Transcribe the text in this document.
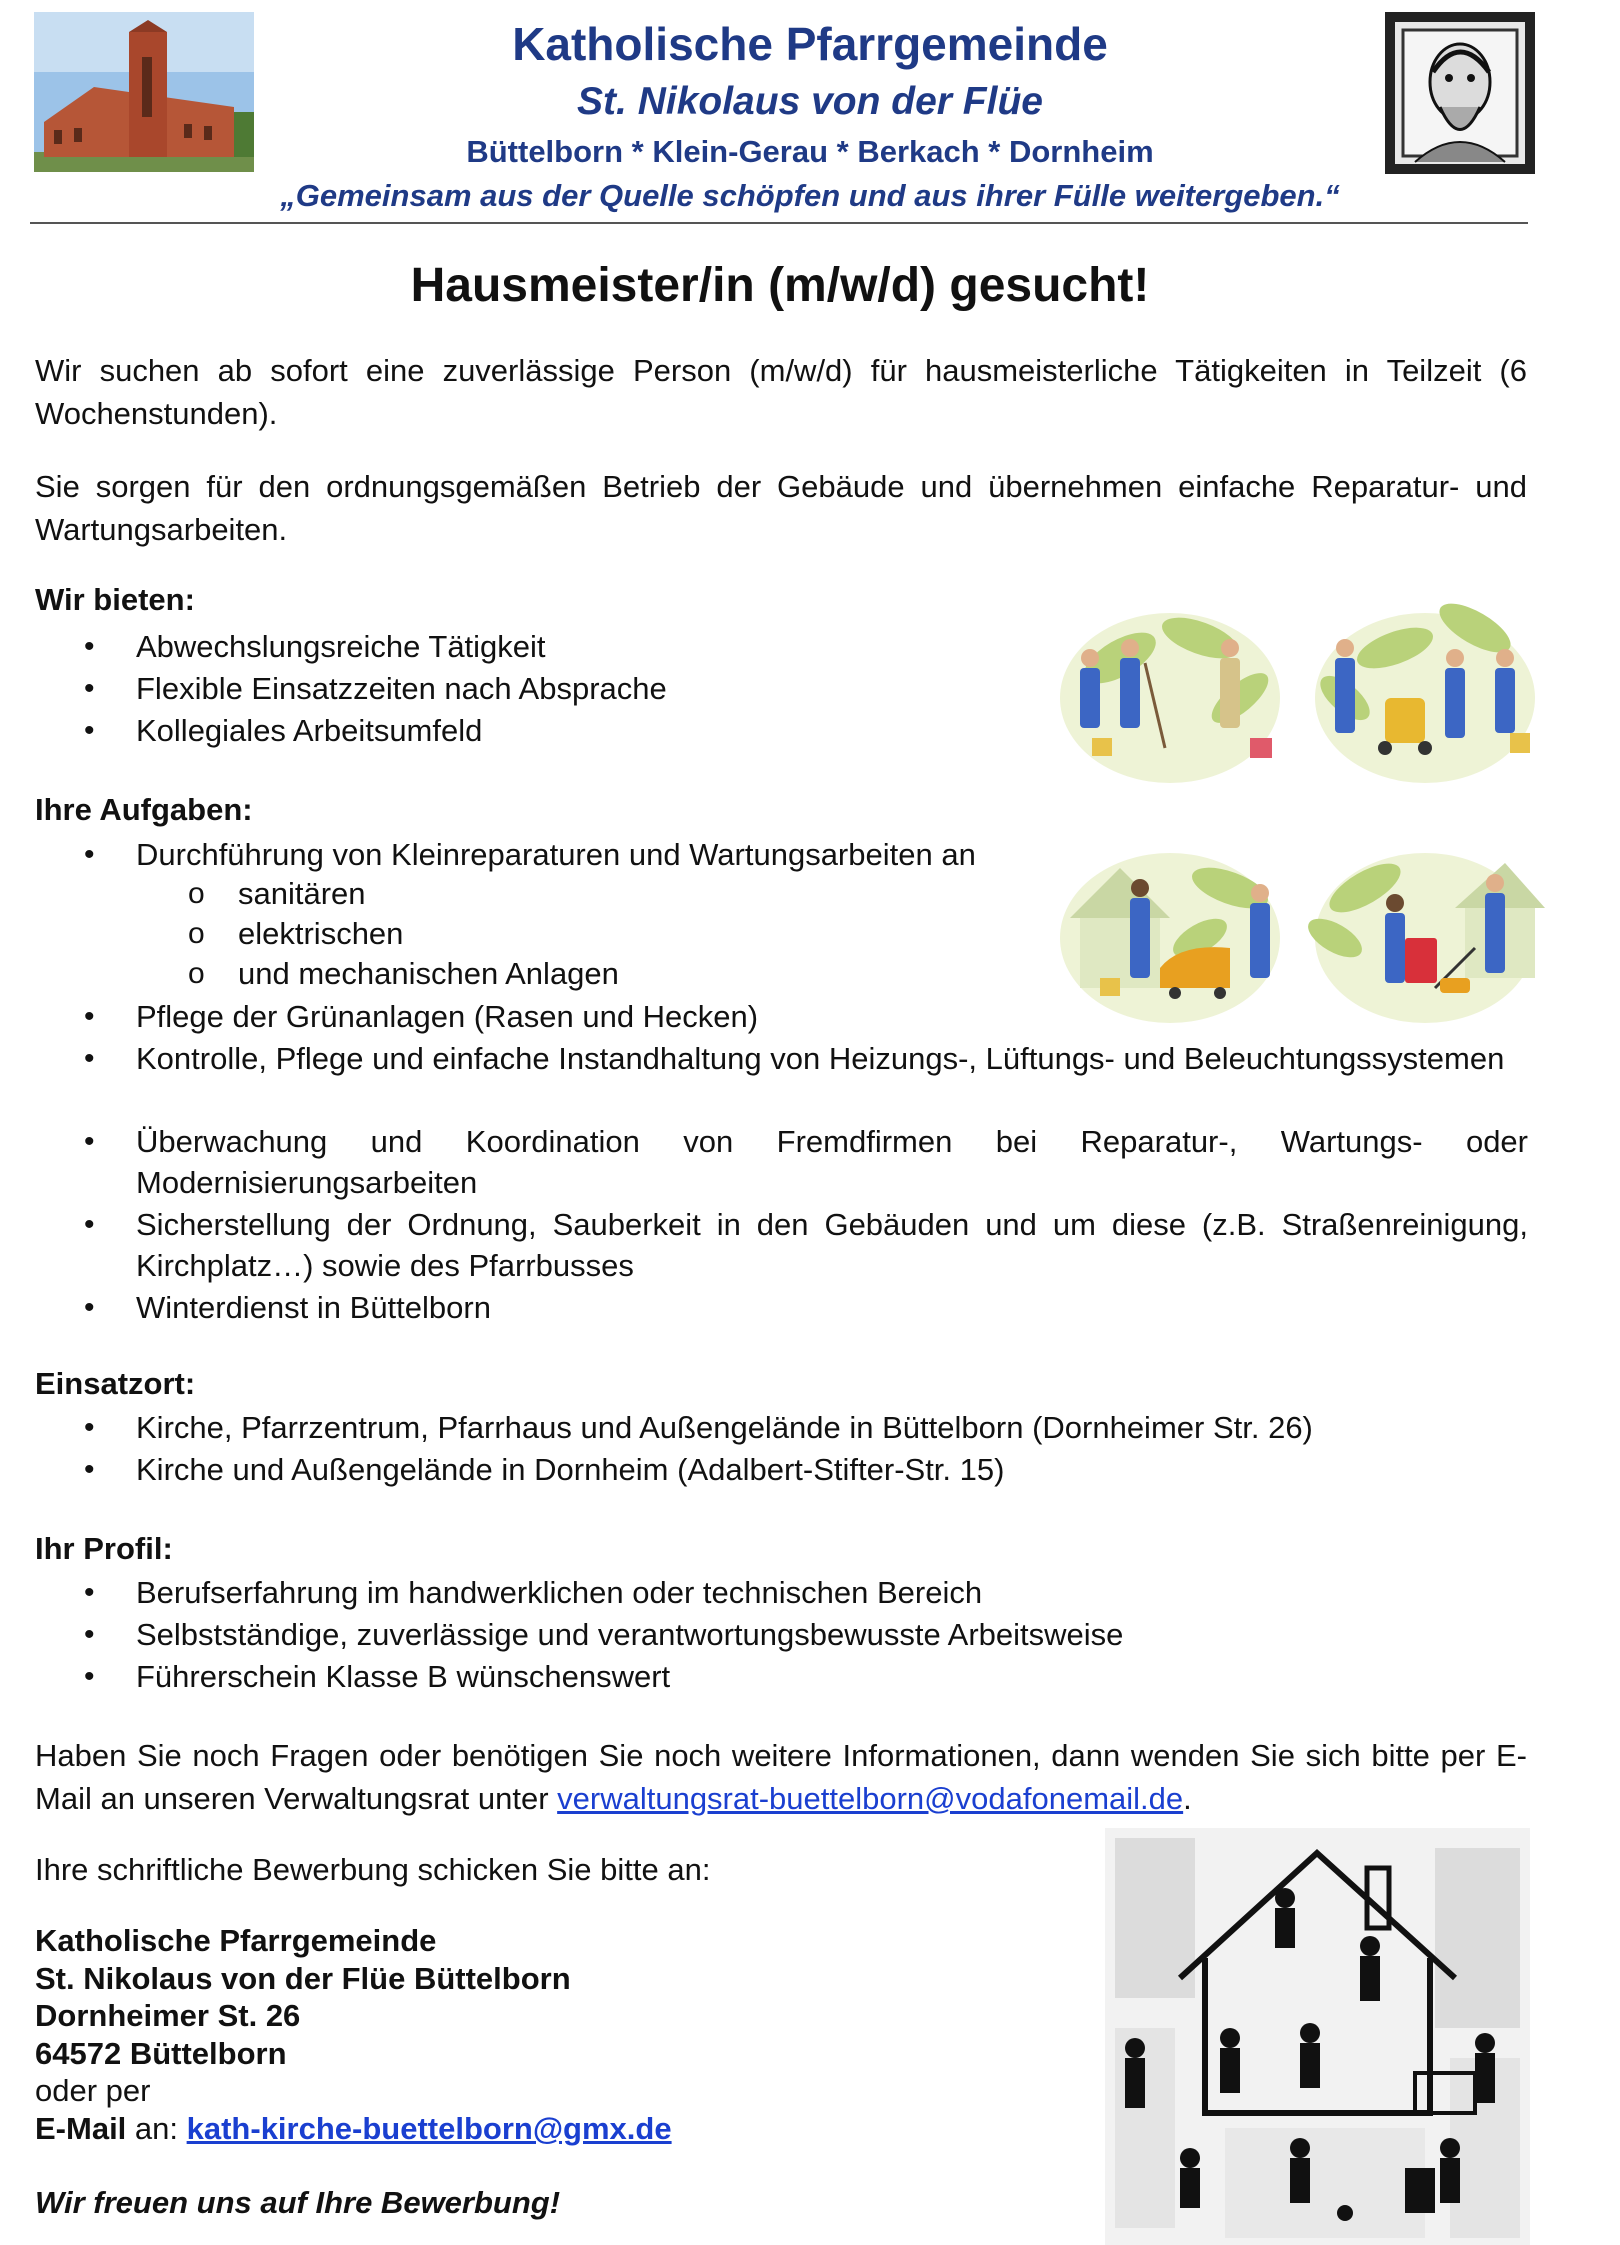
Katholische Pfarrgemeinde
St. Nikolaus von der Flüe
Büttelborn * Klein-Gerau * Berkach * Dornheim
„Gemeinsam aus der Quelle schöpfen und aus ihrer Fülle weitergeben.“
Hausmeister/in (m/w/d) gesucht!
Wir suchen ab sofort eine zuverlässige Person (m/w/d) für hausmeisterliche Tätigkeiten in Teilzeit (6 Wochenstunden).
Sie sorgen für den ordnungsgemäßen Betrieb der Gebäude und übernehmen einfache Reparatur- und Wartungsarbeiten.
Wir bieten:
• Abwechslungsreiche Tätigkeit
• Flexible Einsatzzeiten nach Absprache
• Kollegiales Arbeitsumfeld
Ihre Aufgaben:
• Durchführung von Kleinreparaturen und Wartungsarbeiten an
o sanitären
o elektrischen
o und mechanischen Anlagen
• Pflege der Grünanlagen (Rasen und Hecken)
• Kontrolle, Pflege und einfache Instandhaltung von Heizungs-, Lüftungs- und Beleuchtungssystemen
• Überwachung und Koordination von Fremdfirmen bei Reparatur-, Wartungs- oder Modernisierungsarbeiten
• Sicherstellung der Ordnung, Sauberkeit in den Gebäuden und um diese (z.B. Straßenreinigung, Kirchplatz…) sowie des Pfarrbusses
• Winterdienst in Büttelborn
Einsatzort:
• Kirche, Pfarrzentrum, Pfarrhaus und Außengelände in Büttelborn (Dornheimer Str. 26)
• Kirche und Außengelände in Dornheim (Adalbert-Stifter-Str. 15)
Ihr Profil:
• Berufserfahrung im handwerklichen oder technischen Bereich
• Selbstständige, zuverlässige und verantwortungsbewusste Arbeitsweise
• Führerschein Klasse B wünschenswert
Haben Sie noch Fragen oder benötigen Sie noch weitere Informationen, dann wenden Sie sich bitte per E-Mail an unseren Verwaltungsrat unter verwaltungsrat-buettelborn@vodafonemail.de.
Ihre schriftliche Bewerbung schicken Sie bitte an:
Katholische Pfarrgemeinde
St. Nikolaus von der Flüe Büttelborn
Dornheimer St. 26
64572 Büttelborn
oder per
E-Mail an: kath-kirche-buettelborn@gmx.de
Wir freuen uns auf Ihre Bewerbung!
